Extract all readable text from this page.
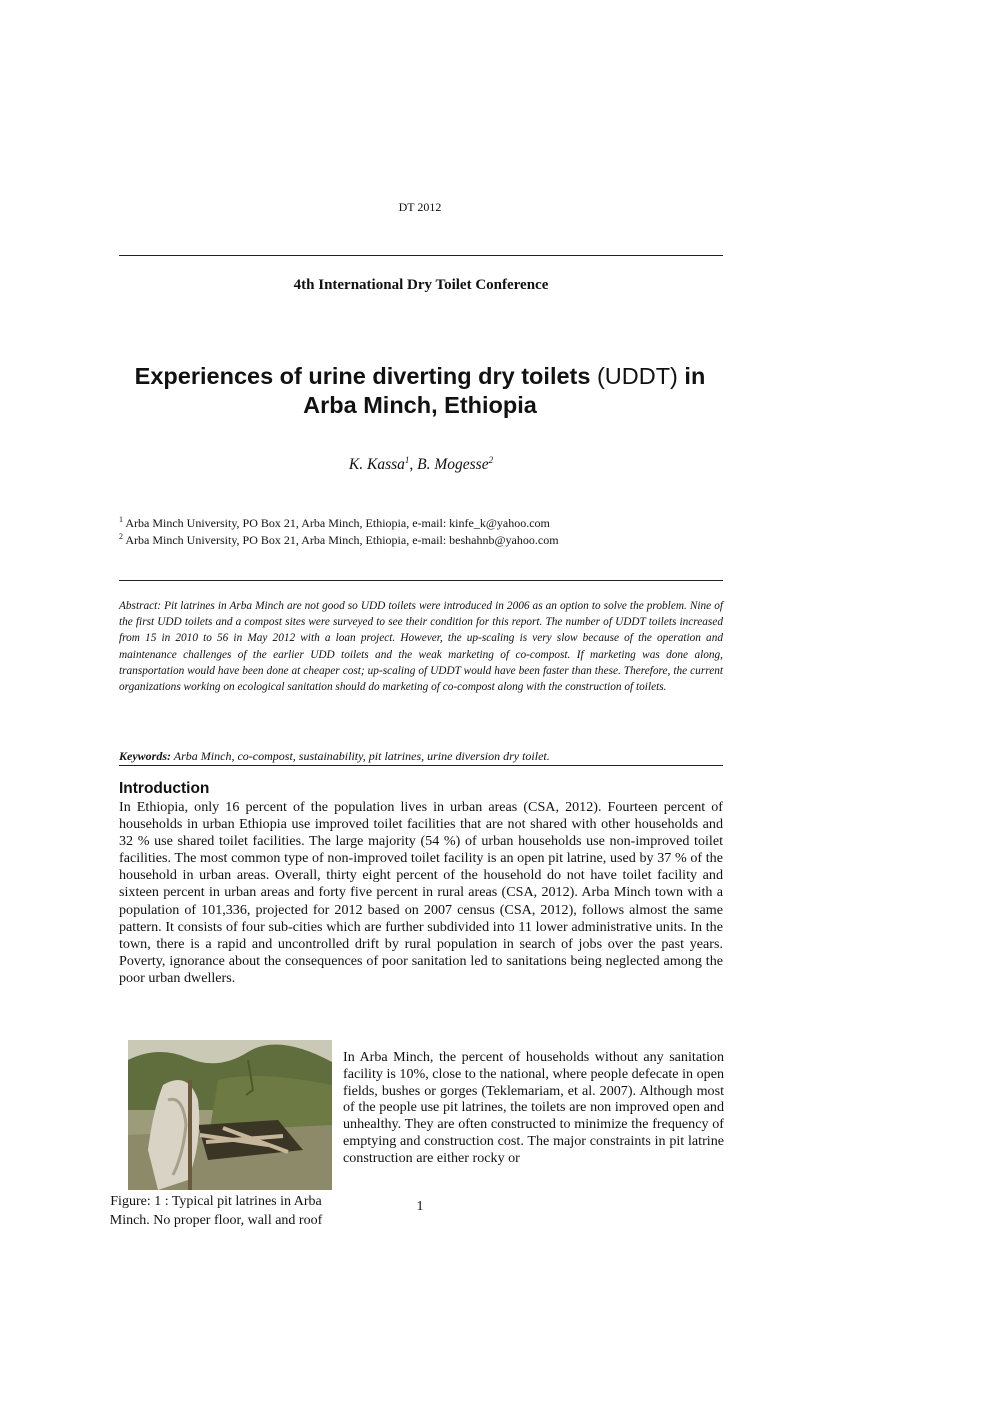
DT 2012
4th International Dry Toilet Conference
Experiences of urine diverting dry toilets (UDDT) in
Arba Minch, Ethiopia
K. Kassa$^1$, B. Mogesse$^2$
$^1$ Arba Minch University, PO Box 21, Arba Minch, Ethiopia, e-mail: kinfe_k@yahoo.com
$^2$ Arba Minch University, PO Box 21, Arba Minch, Ethiopia, e-mail: beshahnb@yahoo.com
Abstract: Pit latrines in Arba Minch are not good so UDD toilets were introduced in 2006 as an option to solve the problem. Nine of the first UDD toilets and a compost sites were surveyed to see their condition for this report. The number of UDDT toilets increased from 15 in 2010 to 56 in May 2012 with a loan project. However, the up-scaling is very slow because of the operation and maintenance challenges of the earlier UDD toilets and the weak marketing of co-compost. If marketing was done along, transportation would have been done at cheaper cost; up-scaling of UDDT would have been faster than these. Therefore, the current organizations working on ecological sanitation should do marketing of co-compost along with the construction of toilets.
Keywords: Arba Minch, co-compost, sustainability, pit latrines, urine diversion dry toilet.
Introduction
In Ethiopia, only 16 percent of the population lives in urban areas (CSA, 2012). Fourteen percent of households in urban Ethiopia use improved toilet facilities that are not shared with other households and 32 % use shared toilet facilities. The large majority (54 %) of urban households use non-improved toilet facilities. The most common type of non-improved toilet facility is an open pit latrine, used by 37 % of the household in urban areas. Overall, thirty eight percent of the household do not have toilet facility and sixteen percent in urban areas and forty five percent in rural areas (CSA, 2012). Arba Minch town with a population of 101,336, projected for 2012 based on 2007 census (CSA, 2012), follows almost the same pattern. It consists of four sub-cities which are further subdivided into 11 lower administrative units. In the town, there is a rapid and uncontrolled drift by rural population in search of jobs over the past years. Poverty, ignorance about the consequences of poor sanitation led to sanitations being neglected among the poor urban dwellers.
Figure: 1 : Typical pit latrines in Arba Minch. No proper floor, wall and roof
In Arba Minch, the percent of households without any sanitation facility is 10%, close to the national, where people defecate in open fields, bushes or gorges (Teklemariam, et al. 2007). Although most of the people use pit latrines, the toilets are non improved open and unhealthy. They are often constructed to minimize the frequency of emptying and construction cost. The major constraints in pit latrine construction are either rocky or
1
